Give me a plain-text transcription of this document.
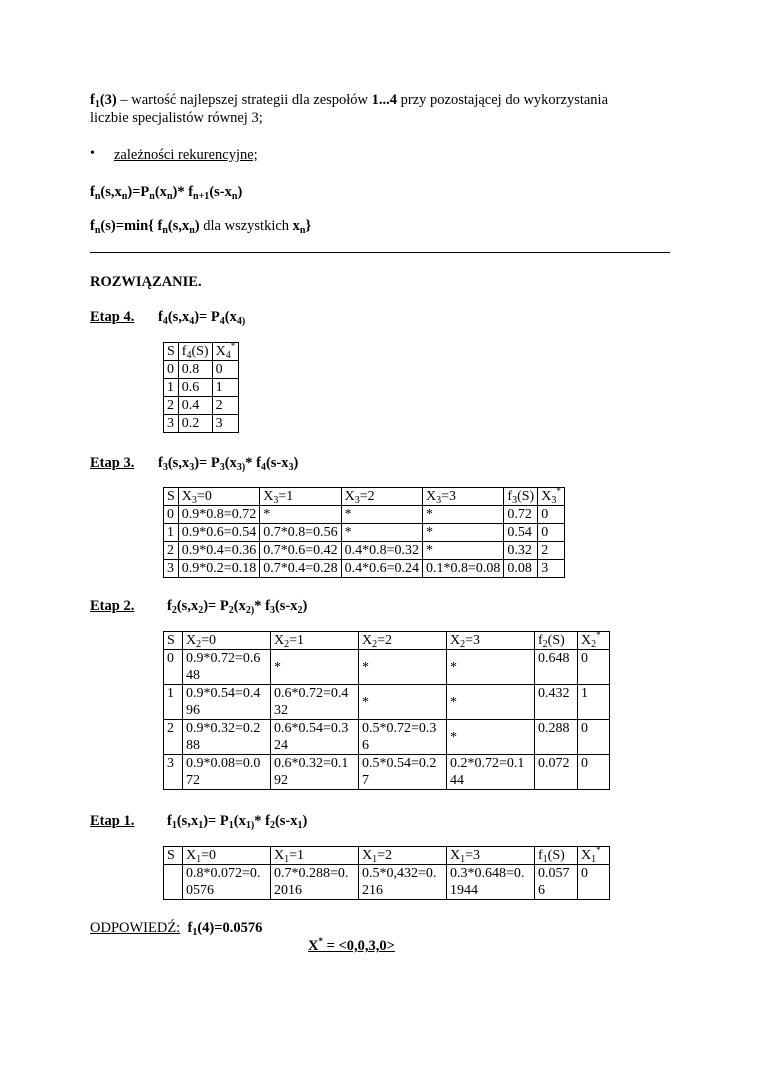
$f_1(3)$ – wartość najlepszej strategii dla zespołów 1...4 przy pozostającej do wykorzystania
liczbie specjalistów równej 3;
• zależności rekurencyjne;
$f_n(s,x_n)=P_n(x_n)*$ $f_{n+1}(s-x_n)$
$f_n(s)=\min${ $f_n(s,x_n)$ dla wszystkich $x_n$}
ROZWIĄZANIE.
Etap 4. $f_4(s,x_4)= P_4(x_{4)}$
S	$f_4(S)$	$X_4^*$
0	0.8	0
1	0.6	1
2	0.4	2
3	0.2	3
Etap 3. $f_3(s,x_3)= P_3(x_{3)}*$ $f_4(s-x_3)$
S	$X_3=0$	$X_3=1$	$X_3=2$	$X_3=3$	$f_3(S)$	$X_3^*$
0	0.9*0.8=0.72	*	*	*	0.72	0
1	0.9*0.6=0.54	0.7*0.8=0.56	*	*	0.54	0
2	0.9*0.4=0.36	0.7*0.6=0.42	0.4*0.8=0.32	*	0.32	2
3	0.9*0.2=0.18	0.7*0.4=0.28	0.4*0.6=0.24	0.1*0.8=0.08	0.08	3
Etap 2. $f_2(s,x_2)= P_2(x_{2)}*$ $f_3(s-x_2)$
S	$X_2=0$	$X_2=1$	$X_2=2$	$X_2=3$	$f_2(S)$	$X_2^*$
0	0.9*0.72=0.648	*	*	*	0.648	0
1	0.9*0.54=0.496	0.6*0.72=0.432	*	*	0.432	1
2	0.9*0.32=0.288	0.6*0.54=0.324	0.5*0.72=0.36	*	0.288	0
3	0.9*0.08=0.072	0.6*0.32=0.192	0.5*0.54=0.27	0.2*0.72=0.144	0.072	0
Etap 1. $f_1(s,x_1)= P_1(x_{1)}*$ $f_2(s-x_1)$
S	$X_1=0$	$X_1=1$	$X_1=2$	$X_1=3$	$f_1(S)$	$X_1^*$
	0.8*0.072=0.0576	0.7*0.288=0.2016	0.5*0,432=0.216	0.3*0.648=0.1944	0.0576	0
ODPOWIEDŹ: $f_1(4)=0.0576$
X* = <0,0,3,0>
